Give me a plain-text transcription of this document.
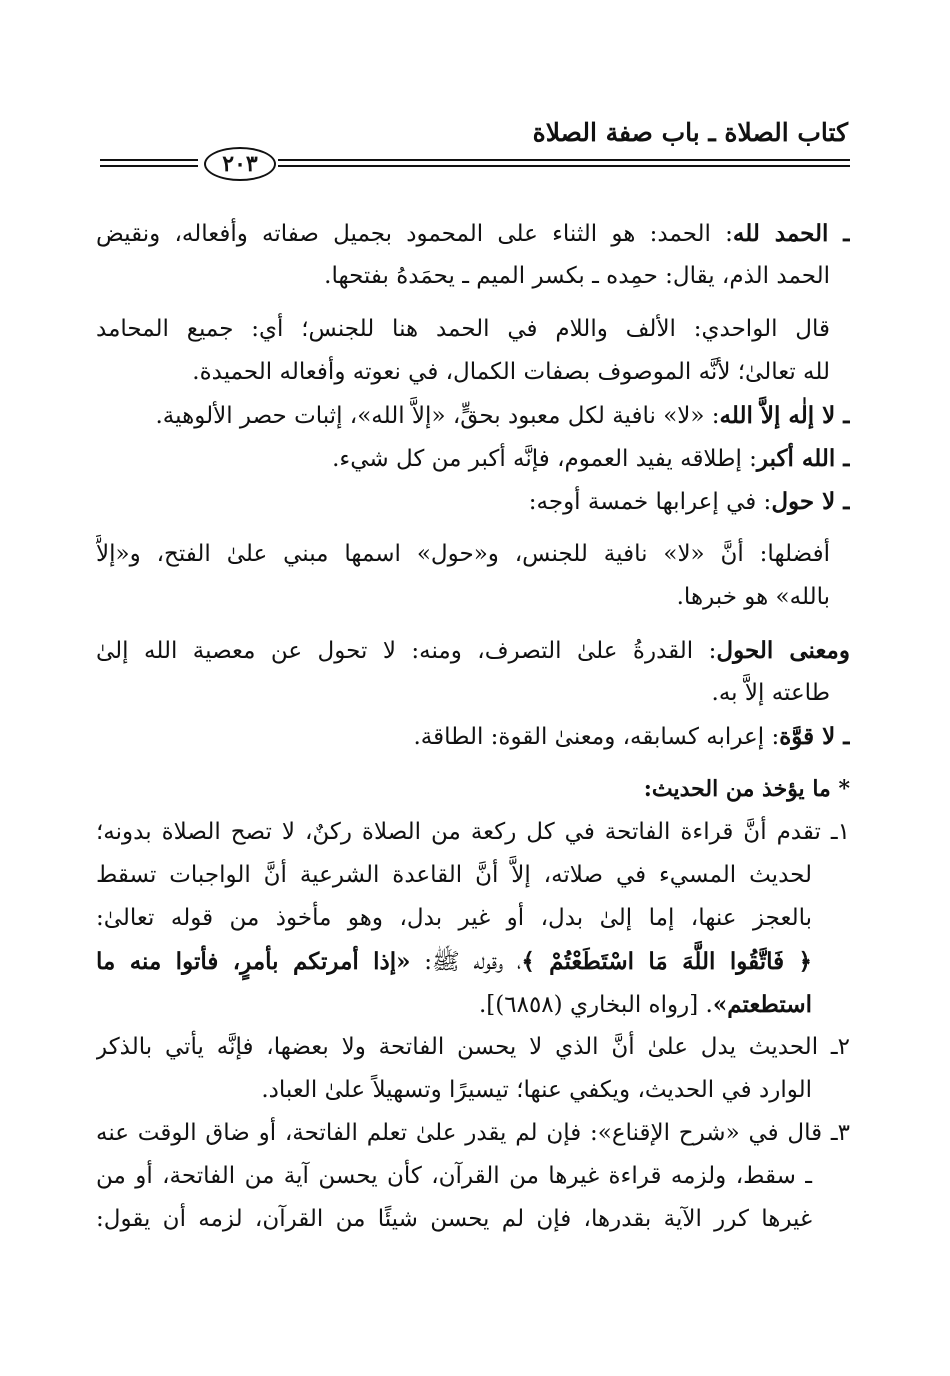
كتاب الصلاة ـ باب صفة الصلاة
٢٠٣
ـ الحمد لله: الحمد: هو الثناء على المحمود بجميل صفاته وأفعاله، ونقيض
الحمد الذم، يقال: حمِده ـ بكسر الميم ـ يحمَدهُ بفتحها.
قال الواحدي: الألف واللام في الحمد هنا للجنس؛ أي: جميع المحامد
لله تعالىٰ؛ لأنَّه الموصوف بصفات الكمال، في نعوته وأفعاله الحميدة.
ـ لا إلٰه إلاَّ الله: «لا» نافية لكل معبود بحقٍّ، «إلاَّ الله»، إثبات حصر الألوهية.
ـ الله أكبر: إطلاقه يفيد العموم، فإنَّه أكبر من كل شيء.
ـ لا حول: في إعرابها خمسة أوجه:
أفضلها: أنَّ «لا» نافية للجنس، و«حول» اسمها مبني علىٰ الفتح، و«إلاَّ
بالله» هو خبرها.
ومعنى الحول: القدرةُ علىٰ التصرف، ومنه: لا تحول عن معصية الله إلىٰ
طاعته إلاَّ به.
ـ لا قوَّة: إعرابه كسابقه، ومعنىٰ القوة: الطاقة.
* ما يؤخذ من الحديث:
١ـ تقدم أنَّ قراءة الفاتحة في كل ركعة من الصلاة ركنٌ، لا تصح الصلاة بدونه؛
لحديث المسيء في صلاته، إلاَّ أنَّ القاعدة الشرعية أنَّ الواجبات تسقط
بالعجز عنها، إما إلىٰ بدل، أو غير بدل، وهو مأخوذ من قوله تعالىٰ:
﴿ فَاتَّقُوا اللَّهَ مَا اسْتَطَعْتُمْ ﴾، وقوله ﷺ: «إذا أمرتكم بأمرٍ، فأتوا منه ما
استطعتم». [رواه البخاري (٦٨٥٨)].
٢ـ الحديث يدل علىٰ أنَّ الذي لا يحسن الفاتحة ولا بعضها، فإنَّه يأتي بالذكر
الوارد في الحديث، ويكفي عنها؛ تيسيرًا وتسهيلاً علىٰ العباد.
٣ـ قال في «شرح الإقناع»: فإن لم يقدر علىٰ تعلم الفاتحة، أو ضاق الوقت عنه
ـ سقط، ولزمه قراءة غيرها من القرآن، كأن يحسن آية من الفاتحة، أو من
غيرها كرر الآية بقدرها، فإن لم يحسن شيئًا من القرآن، لزمه أن يقول:
